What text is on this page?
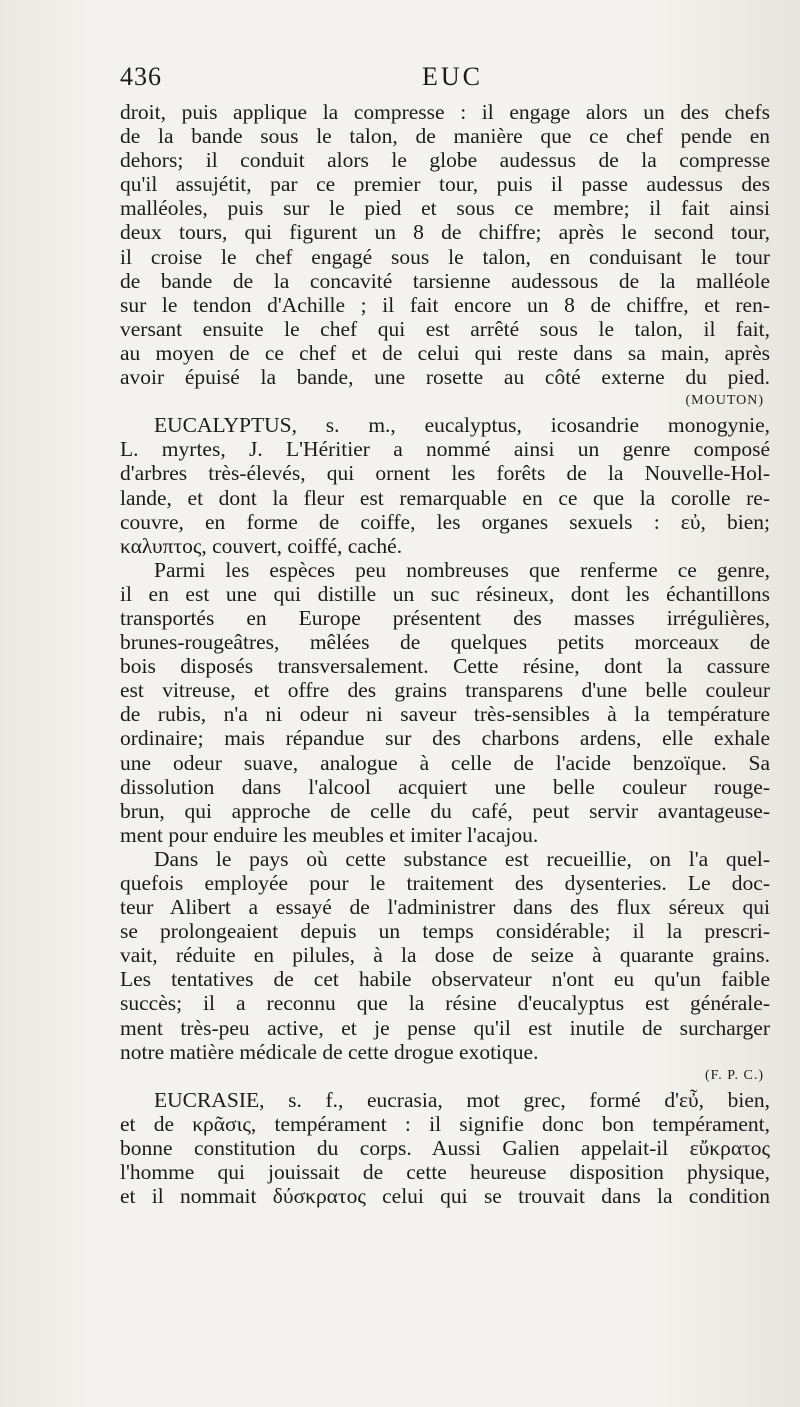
436	EUC
droit, puis applique la compresse : il engage alors un des chefs
de la bande sous le talon, de manière que ce chef pende en
dehors; il conduit alors le globe audessus de la compresse
qu'il assujétit, par ce premier tour, puis il passe audessus des
malléoles, puis sur le pied et sous ce membre; il fait ainsi
deux tours, qui figurent un 8 de chiffre; après le second tour,
il croise le chef engagé sous le talon, en conduisant le tour
de bande de la concavité tarsienne audessous de la malléole
sur le tendon d'Achille ; il fait encore un 8 de chiffre, et ren-
versant ensuite le chef qui est arrêté sous le talon, il fait,
au moyen de ce chef et de celui qui reste dans sa main, après
avoir épuisé la bande, une rosette au côté externe du pied.
(MOUTON)
EUCALYPTUS, s. m., eucalyptus, icosandrie monogynie,
L. myrtes, J. L'Héritier a nommé ainsi un genre composé
d'arbres très-élevés, qui ornent les forêts de la Nouvelle-Hol-
lande, et dont la fleur est remarquable en ce que la corolle re-
couvre, en forme de coiffe, les organes sexuels : εὐ, bien;
καλυπτος, couvert, coiffé, caché.
Parmi les espèces peu nombreuses que renferme ce genre,
il en est une qui distille un suc résineux, dont les échantillons
transportés en Europe présentent des masses irrégulières,
brunes-rougeâtres, mêlées de quelques petits morceaux de
bois disposés transversalement. Cette résine, dont la cassure
est vitreuse, et offre des grains transparens d'une belle couleur
de rubis, n'a ni odeur ni saveur très-sensibles à la température
ordinaire; mais répandue sur des charbons ardens, elle exhale
une odeur suave, analogue à celle de l'acide benzoïque. Sa
dissolution dans l'alcool acquiert une belle couleur rouge-
brun, qui approche de celle du café, peut servir avantageuse-
ment pour enduire les meubles et imiter l'acajou.
Dans le pays où cette substance est recueillie, on l'a quel-
quefois employée pour le traitement des dysenteries. Le doc-
teur Alibert a essayé de l'administrer dans des flux séreux qui
se prolongeaient depuis un temps considérable; il la prescri-
vait, réduite en pilules, à la dose de seize à quarante grains.
Les tentatives de cet habile observateur n'ont eu qu'un faible
succès; il a reconnu que la résine d'eucalyptus est générale-
ment très-peu active, et je pense qu'il est inutile de surcharger
notre matière médicale de cette drogue exotique.
(F. P. C.)
EUCRASIE, s. f., eucrasia, mot grec, formé d'εὖ, bien,
et de κρᾶσις, tempérament : il signifie donc bon tempérament,
bonne constitution du corps. Aussi Galien appelait-il εὔκρατος
l'homme qui jouissait de cette heureuse disposition physique,
et il nommait δύσκρατος celui qui se trouvait dans la condition
